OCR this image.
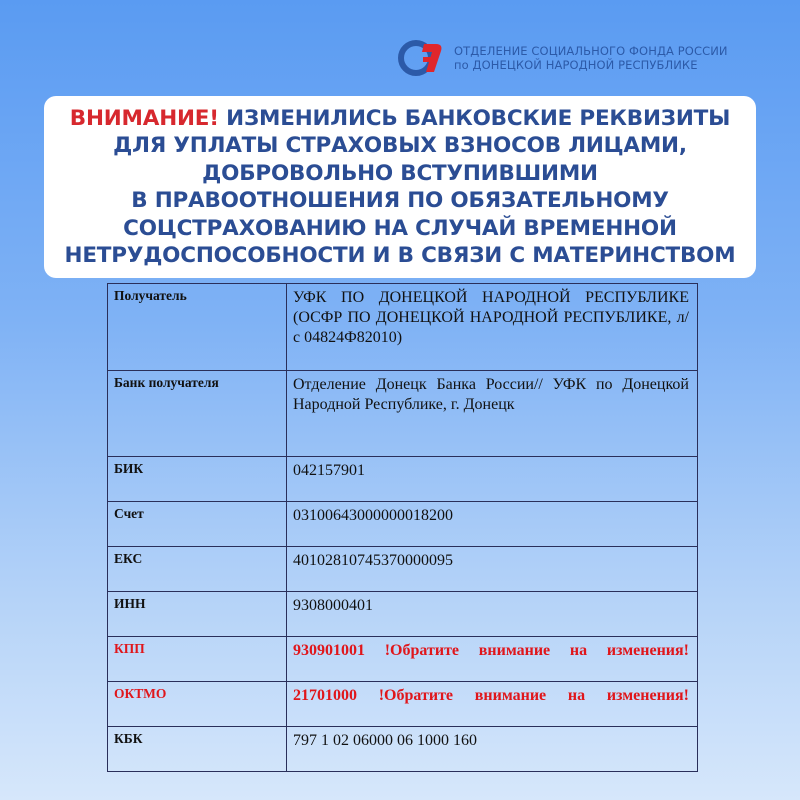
ОТДЕЛЕНИЕ СОЦИАЛЬНОГО ФОНДА РОССИИ
по ДОНЕЦКОЙ НАРОДНОЙ РЕСПУБЛИКЕ
ВНИМАНИЕ! ИЗМЕНИЛИСЬ БАНКОВСКИЕ РЕКВИЗИТЫ
ДЛЯ УПЛАТЫ СТРАХОВЫХ ВЗНОСОВ ЛИЦАМИ,
ДОБРОВОЛЬНО ВСТУПИВШИМИ
В ПРАВООТНОШЕНИЯ ПО ОБЯЗАТЕЛЬНОМУ
СОЦСТРАХОВАНИЮ НА СЛУЧАЙ ВРЕМЕННОЙ
НЕТРУДОСПОСОБНОСТИ И В СВЯЗИ С МАТЕРИНСТВОМ
Получатель	УФК ПО ДОНЕЦКОЙ НАРОДНОЙ РЕСПУБЛИКЕ (ОСФР ПО ДОНЕЦКОЙ НАРОДНОЙ РЕСПУБЛИКЕ, л/с 04824Ф82010)
Банк получателя	Отделение Донецк Банка России// УФК по Донецкой Народной Республике, г. Донецк
БИК	042157901
Счет	03100643000000018200
ЕКС	40102810745370000095
ИНН	9308000401
КПП	930901001 !Обратите внимание на изменения!
ОКТМО	21701000 !Обратите внимание на изменения!
КБК	797 1 02 06000 06 1000 160
